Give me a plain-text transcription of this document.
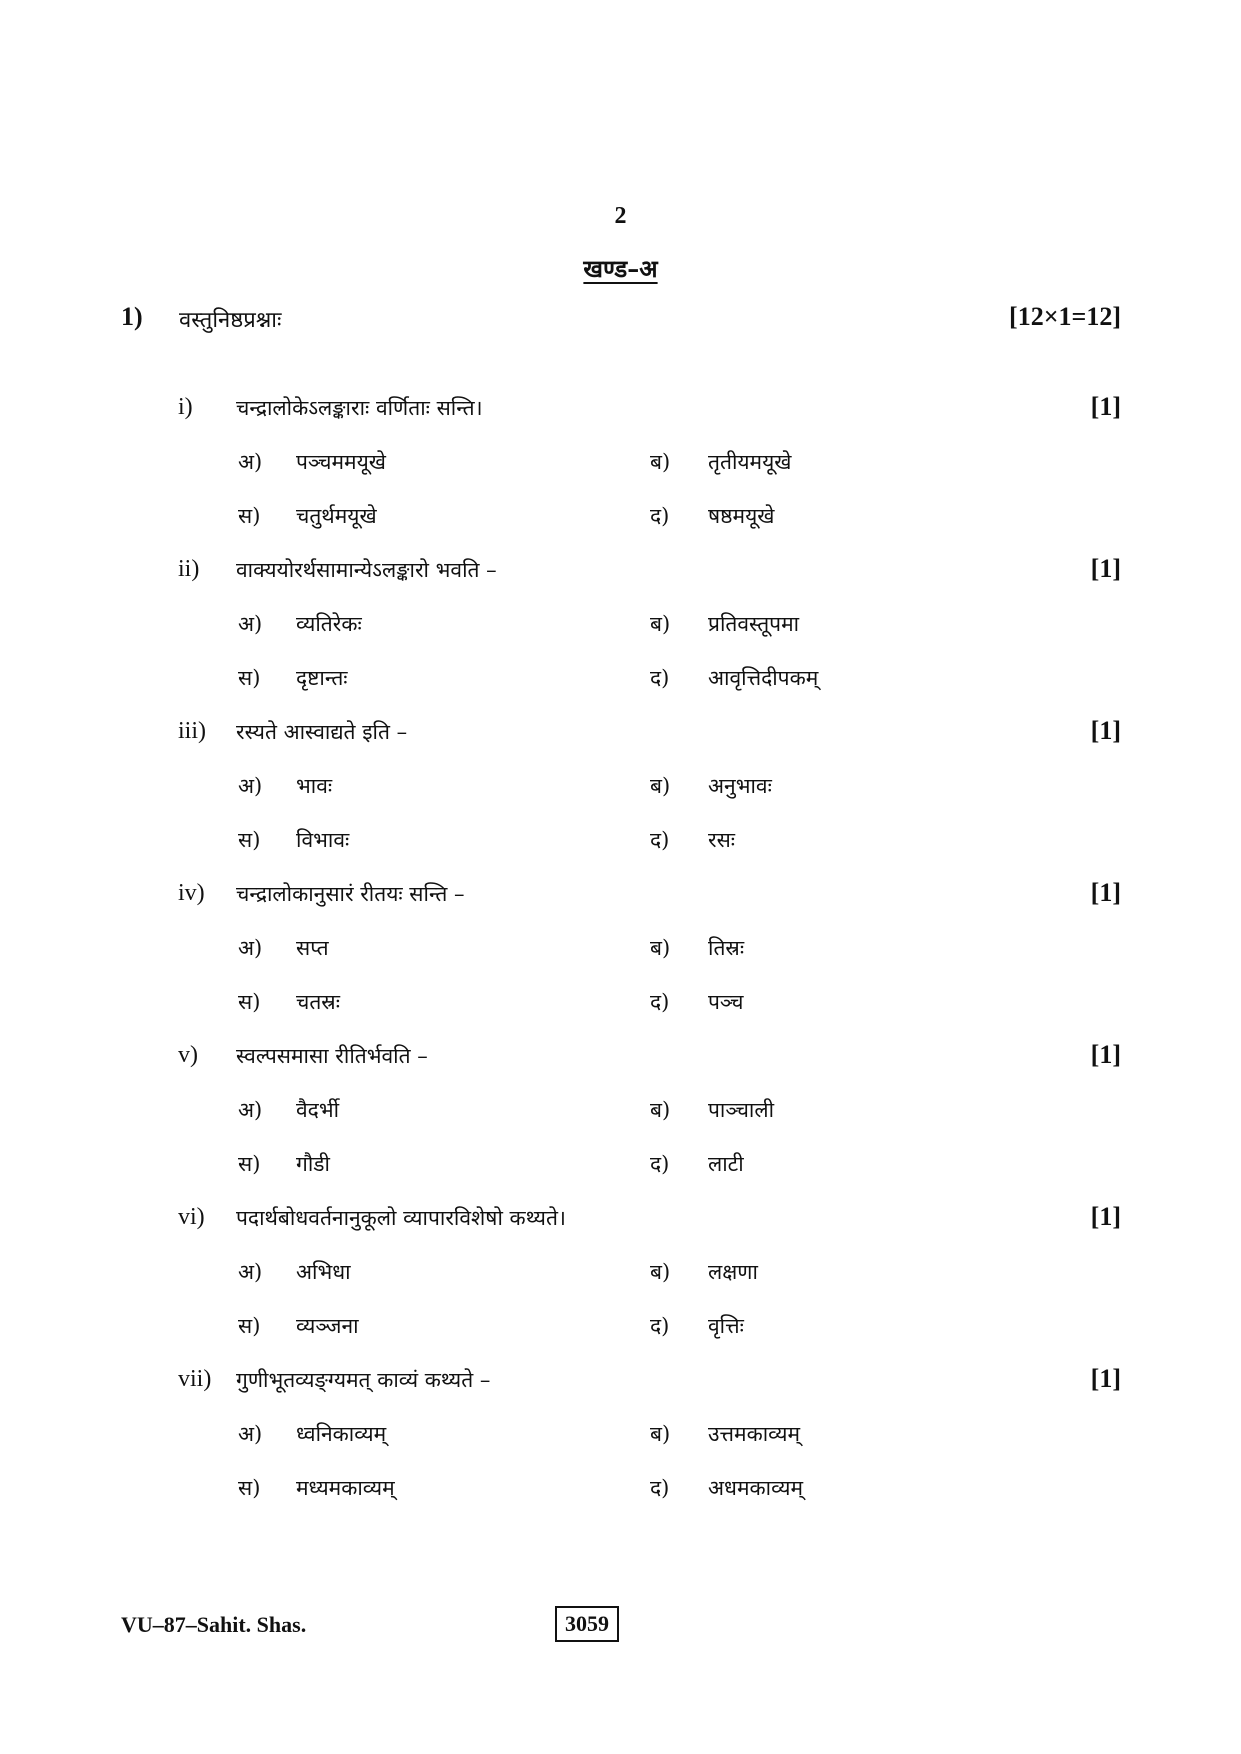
2
खण्ड–अ
1) वस्तुनिष्ठप्रश्नाः	[12×1=12]
i) चन्द्रालोकेऽलङ्काराः वर्णिताः सन्ति।	[1]
अ) पञ्चममयूखे	ब) तृतीयमयूखे
स) चतुर्थमयूखे	द) षष्ठमयूखे
ii) वाक्ययोरर्थसामान्येऽलङ्कारो भवति –	[1]
अ) व्यतिरेकः	ब) प्रतिवस्तूपमा
स) दृष्टान्तः	द) आवृत्तिदीपकम्
iii) रस्यते आस्वाद्यते इति –	[1]
अ) भावः	ब) अनुभावः
स) विभावः	द) रसः
iv) चन्द्रालोकानुसारं रीतयः सन्ति –	[1]
अ) सप्त	ब) तिस्रः
स) चतस्रः	द) पञ्च
v) स्वल्पसमासा रीतिर्भवति –	[1]
अ) वैदर्भी	ब) पाञ्चाली
स) गौडी	द) लाटी
vi) पदार्थबोधवर्तनानुकूलो व्यापारविशेषो कथ्यते।	[1]
अ) अभिधा	ब) लक्षणा
स) व्यञ्जना	द) वृत्तिः
vii) गुणीभूतव्यङ्ग्यमत् काव्यं कथ्यते –	[1]
अ) ध्वनिकाव्यम्	ब) उत्तमकाव्यम्
स) मध्यमकाव्यम्	द) अधमकाव्यम्
VU–87–Sahit. Shas.	3059
